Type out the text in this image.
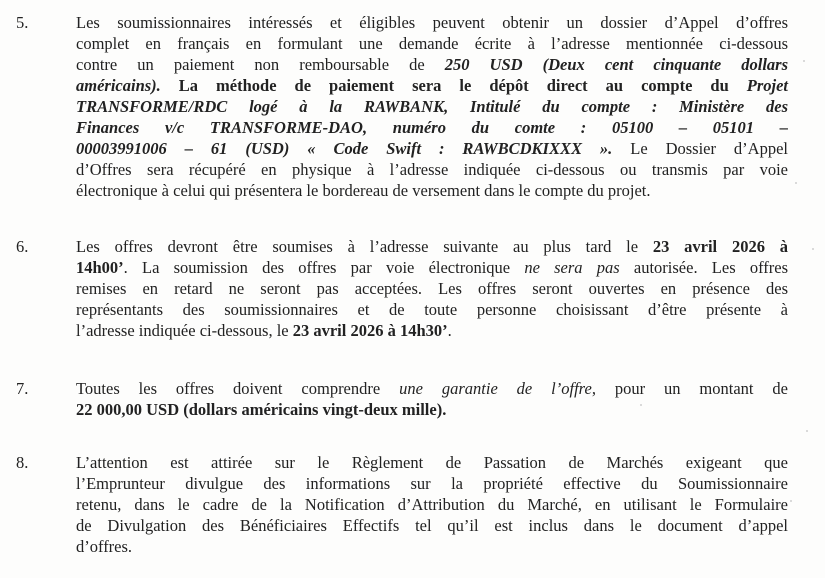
5.	Les soumissionnaires intéressés et éligibles peuvent obtenir un dossier d’Appel d’offres
complet en français en formulant une demande écrite à l’adresse mentionnée ci-dessous
contre un paiement non remboursable de 250 USD (Deux cent cinquante dollars
américains). La méthode de paiement sera le dépôt direct au compte du Projet
TRANSFORME/RDC logé à la RAWBANK, Intitulé du compte : Ministère des
Finances v/c TRANSFORME-DAO, numéro du comte : 05100 – 05101 –
00003991006 – 61 (USD) « Code Swift : RAWBCDKIXXX ». Le Dossier d’Appel
d’Offres sera récupéré en physique à l’adresse indiquée ci-dessous ou transmis par voie
électronique à celui qui présentera le bordereau de versement dans le compte du projet.
6.	Les offres devront être soumises à l’adresse suivante au plus tard le 23 avril 2026 à
14h00’. La soumission des offres par voie électronique ne sera pas autorisée. Les offres
remises en retard ne seront pas acceptées. Les offres seront ouvertes en présence des
représentants des soumissionnaires et de toute personne choisissant d’être présente à
l’adresse indiquée ci-dessous, le 23 avril 2026 à 14h30’.
7.	Toutes les offres doivent comprendre une garantie de l’offre, pour un montant de
22 000,00 USD (dollars américains vingt-deux mille).
8.	L’attention est attirée sur le Règlement de Passation de Marchés exigeant que
l’Emprunteur divulgue des informations sur la propriété effective du Soumissionnaire
retenu, dans le cadre de la Notification d’Attribution du Marché, en utilisant le Formulaire
de Divulgation des Bénéficiaires Effectifs tel qu’il est inclus dans le document d’appel
d’offres.
